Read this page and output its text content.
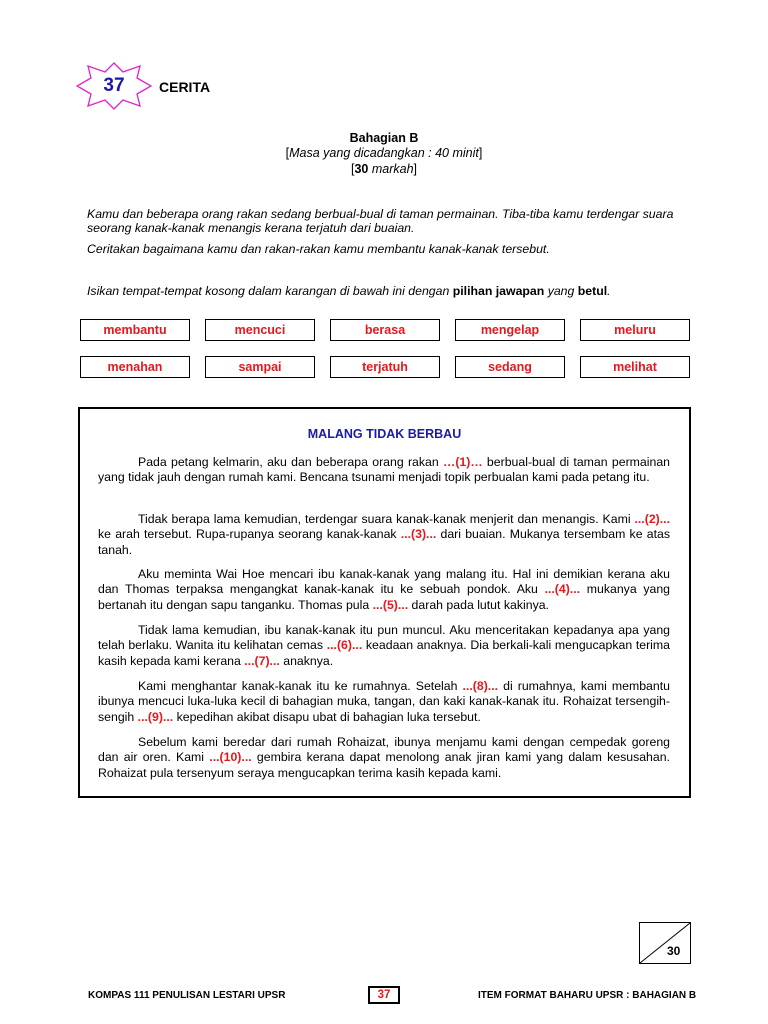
37	CERITA
Bahagian B
[Masa yang dicadangkan : 40 minit]
[30 markah]
Kamu dan beberapa orang rakan sedang berbual-bual di taman permainan. Tiba-tiba kamu terdengar suara seorang kanak-kanak menangis kerana terjatuh dari buaian.
Ceritakan bagaimana kamu dan rakan-rakan kamu membantu kanak-kanak tersebut.
Isikan tempat-tempat kosong dalam karangan di bawah ini dengan pilihan jawapan yang betul.
membantu	mencuci	berasa	mengelap	meluru
menahan	sampai	terjatuh	sedang	melihat
MALANG TIDAK BERBAU
Pada petang kelmarin, aku dan beberapa orang rakan …(1)… berbual-bual di taman permainan yang tidak jauh dengan rumah kami. Bencana tsunami menjadi topik perbualan kami pada petang itu.
Tidak berapa lama kemudian, terdengar suara kanak-kanak menjerit dan menangis. Kami ...(2)... ke arah tersebut. Rupa-rupanya seorang kanak-kanak ...(3)... dari buaian. Mukanya tersembam ke atas tanah.
Aku meminta Wai Hoe mencari ibu kanak-kanak yang malang itu. Hal ini demikian kerana aku dan Thomas terpaksa mengangkat kanak-kanak itu ke sebuah pondok. Aku ...(4)... mukanya yang bertanah itu dengan sapu tanganku. Thomas pula ...(5)... darah pada lutut kakinya.
Tidak lama kemudian, ibu kanak-kanak itu pun muncul. Aku menceritakan kepadanya apa yang telah berlaku. Wanita itu kelihatan cemas ...(6)... keadaan anaknya. Dia berkali-kali mengucapkan terima kasih kepada kami kerana ...(7)... anaknya.
Kami menghantar kanak-kanak itu ke rumahnya. Setelah ...(8)... di rumahnya, kami membantu ibunya mencuci luka-luka kecil di bahagian muka, tangan, dan kaki kanak-kanak itu. Rohaizat tersengih-sengih ...(9)... kepedihan akibat disapu ubat di bahagian luka tersebut.
Sebelum kami beredar dari rumah Rohaizat, ibunya menjamu kami dengan cempedak goreng dan air oren. Kami ...(10)... gembira kerana dapat menolong anak jiran kami yang dalam kesusahan. Rohaizat pula tersenyum seraya mengucapkan terima kasih kepada kami.
30
KOMPAS 111 PENULISAN LESTARI UPSR	37	ITEM FORMAT BAHARU UPSR : BAHAGIAN B
